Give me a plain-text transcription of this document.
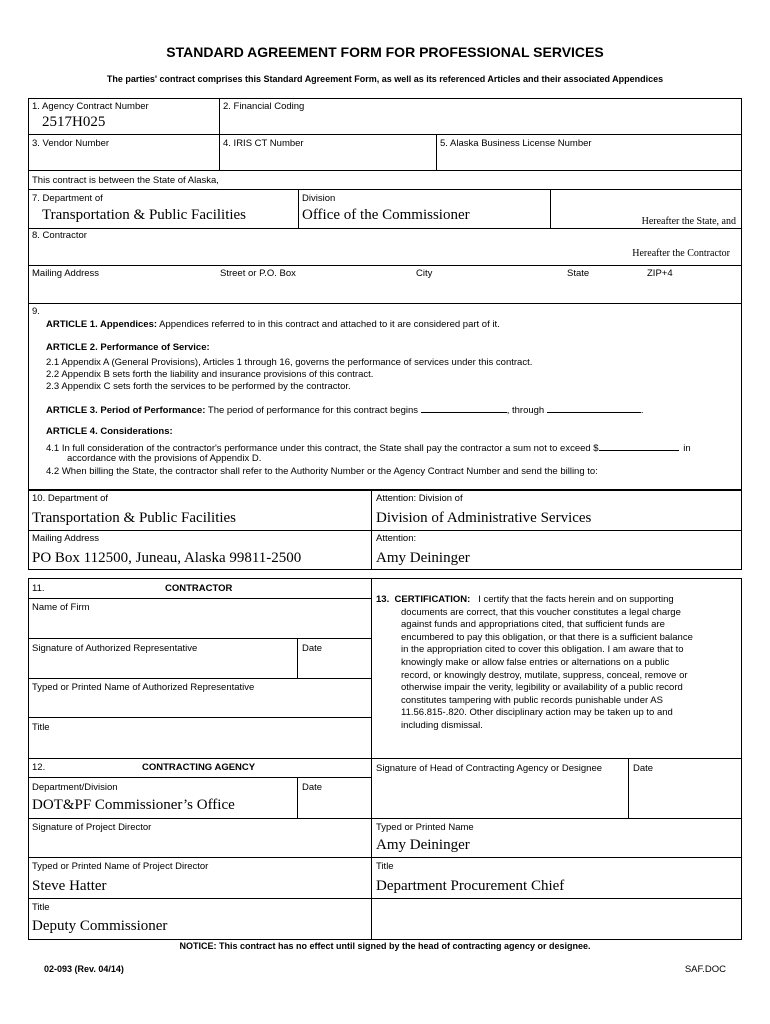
STANDARD AGREEMENT FORM FOR PROFESSIONAL SERVICES
The parties' contract comprises this Standard Agreement Form, as well as its referenced Articles and their associated Appendices
1. Agency Contract Number
2517H025
2. Financial Coding
3. Vendor Number	4. IRIS CT Number	5. Alaska Business License Number
This contract is between the State of Alaska,
7. Department of
Transportation & Public Facilities
Division
Office of the Commissioner	Hereafter the State, and
8. Contractor
Hereafter the Contractor
Mailing Address	Street or P.O. Box	City	State	ZIP+4
9.
ARTICLE 1. Appendices: Appendices referred to in this contract and attached to it are considered part of it.
ARTICLE 2. Performance of Service:
2.1 Appendix A (General Provisions), Articles 1 through 16, governs the performance of services under this contract.
2.2 Appendix B sets forth the liability and insurance provisions of this contract.
2.3 Appendix C sets forth the services to be performed by the contractor.
ARTICLE 3. Period of Performance: The period of performance for this contract begins	, through	.
ARTICLE 4. Considerations:
4.1 In full consideration of the contractor's performance under this contract, the State shall pay the contractor a sum not to exceed $	in
accordance with the provisions of Appendix D.
4.2 When billing the State, the contractor shall refer to the Authority Number or the Agency Contract Number and send the billing to:
10. Department of
Transportation & Public Facilities
Attention: Division of
Division of Administrative Services
Mailing Address
PO Box 112500, Juneau, Alaska 99811-2500
Attention:
Amy Deininger
11.	CONTRACTOR
Name of Firm
Signature of Authorized Representative	Date
Typed or Printed Name of Authorized Representative
Title
13. CERTIFICATION: I certify that the facts herein and on supporting
documents are correct, that this voucher constitutes a legal charge
against funds and appropriations cited, that sufficient funds are
encumbered to pay this obligation, or that there is a sufficient balance
in the appropriation cited to cover this obligation. I am aware that to
knowingly make or allow false entries or alternations on a public
record, or knowingly destroy, mutilate, suppress, conceal, remove or
otherwise impair the verity, legibility or availability of a public record
constitutes tampering with public records punishable under AS
11.56.815-.820. Other disciplinary action may be taken up to and
including dismissal.
12.	CONTRACTING AGENCY
Department/Division	Date
DOT&PF Commissioner’s Office
Signature of Project Director
Typed or Printed Name of Project Director
Steve Hatter
Title
Deputy Commissioner
Signature of Head of Contracting Agency or Designee	Date
Typed or Printed Name
Amy Deininger
Title
Department Procurement Chief
NOTICE: This contract has no effect until signed by the head of contracting agency or designee.
02-093 (Rev. 04/14)	SAF.DOC
